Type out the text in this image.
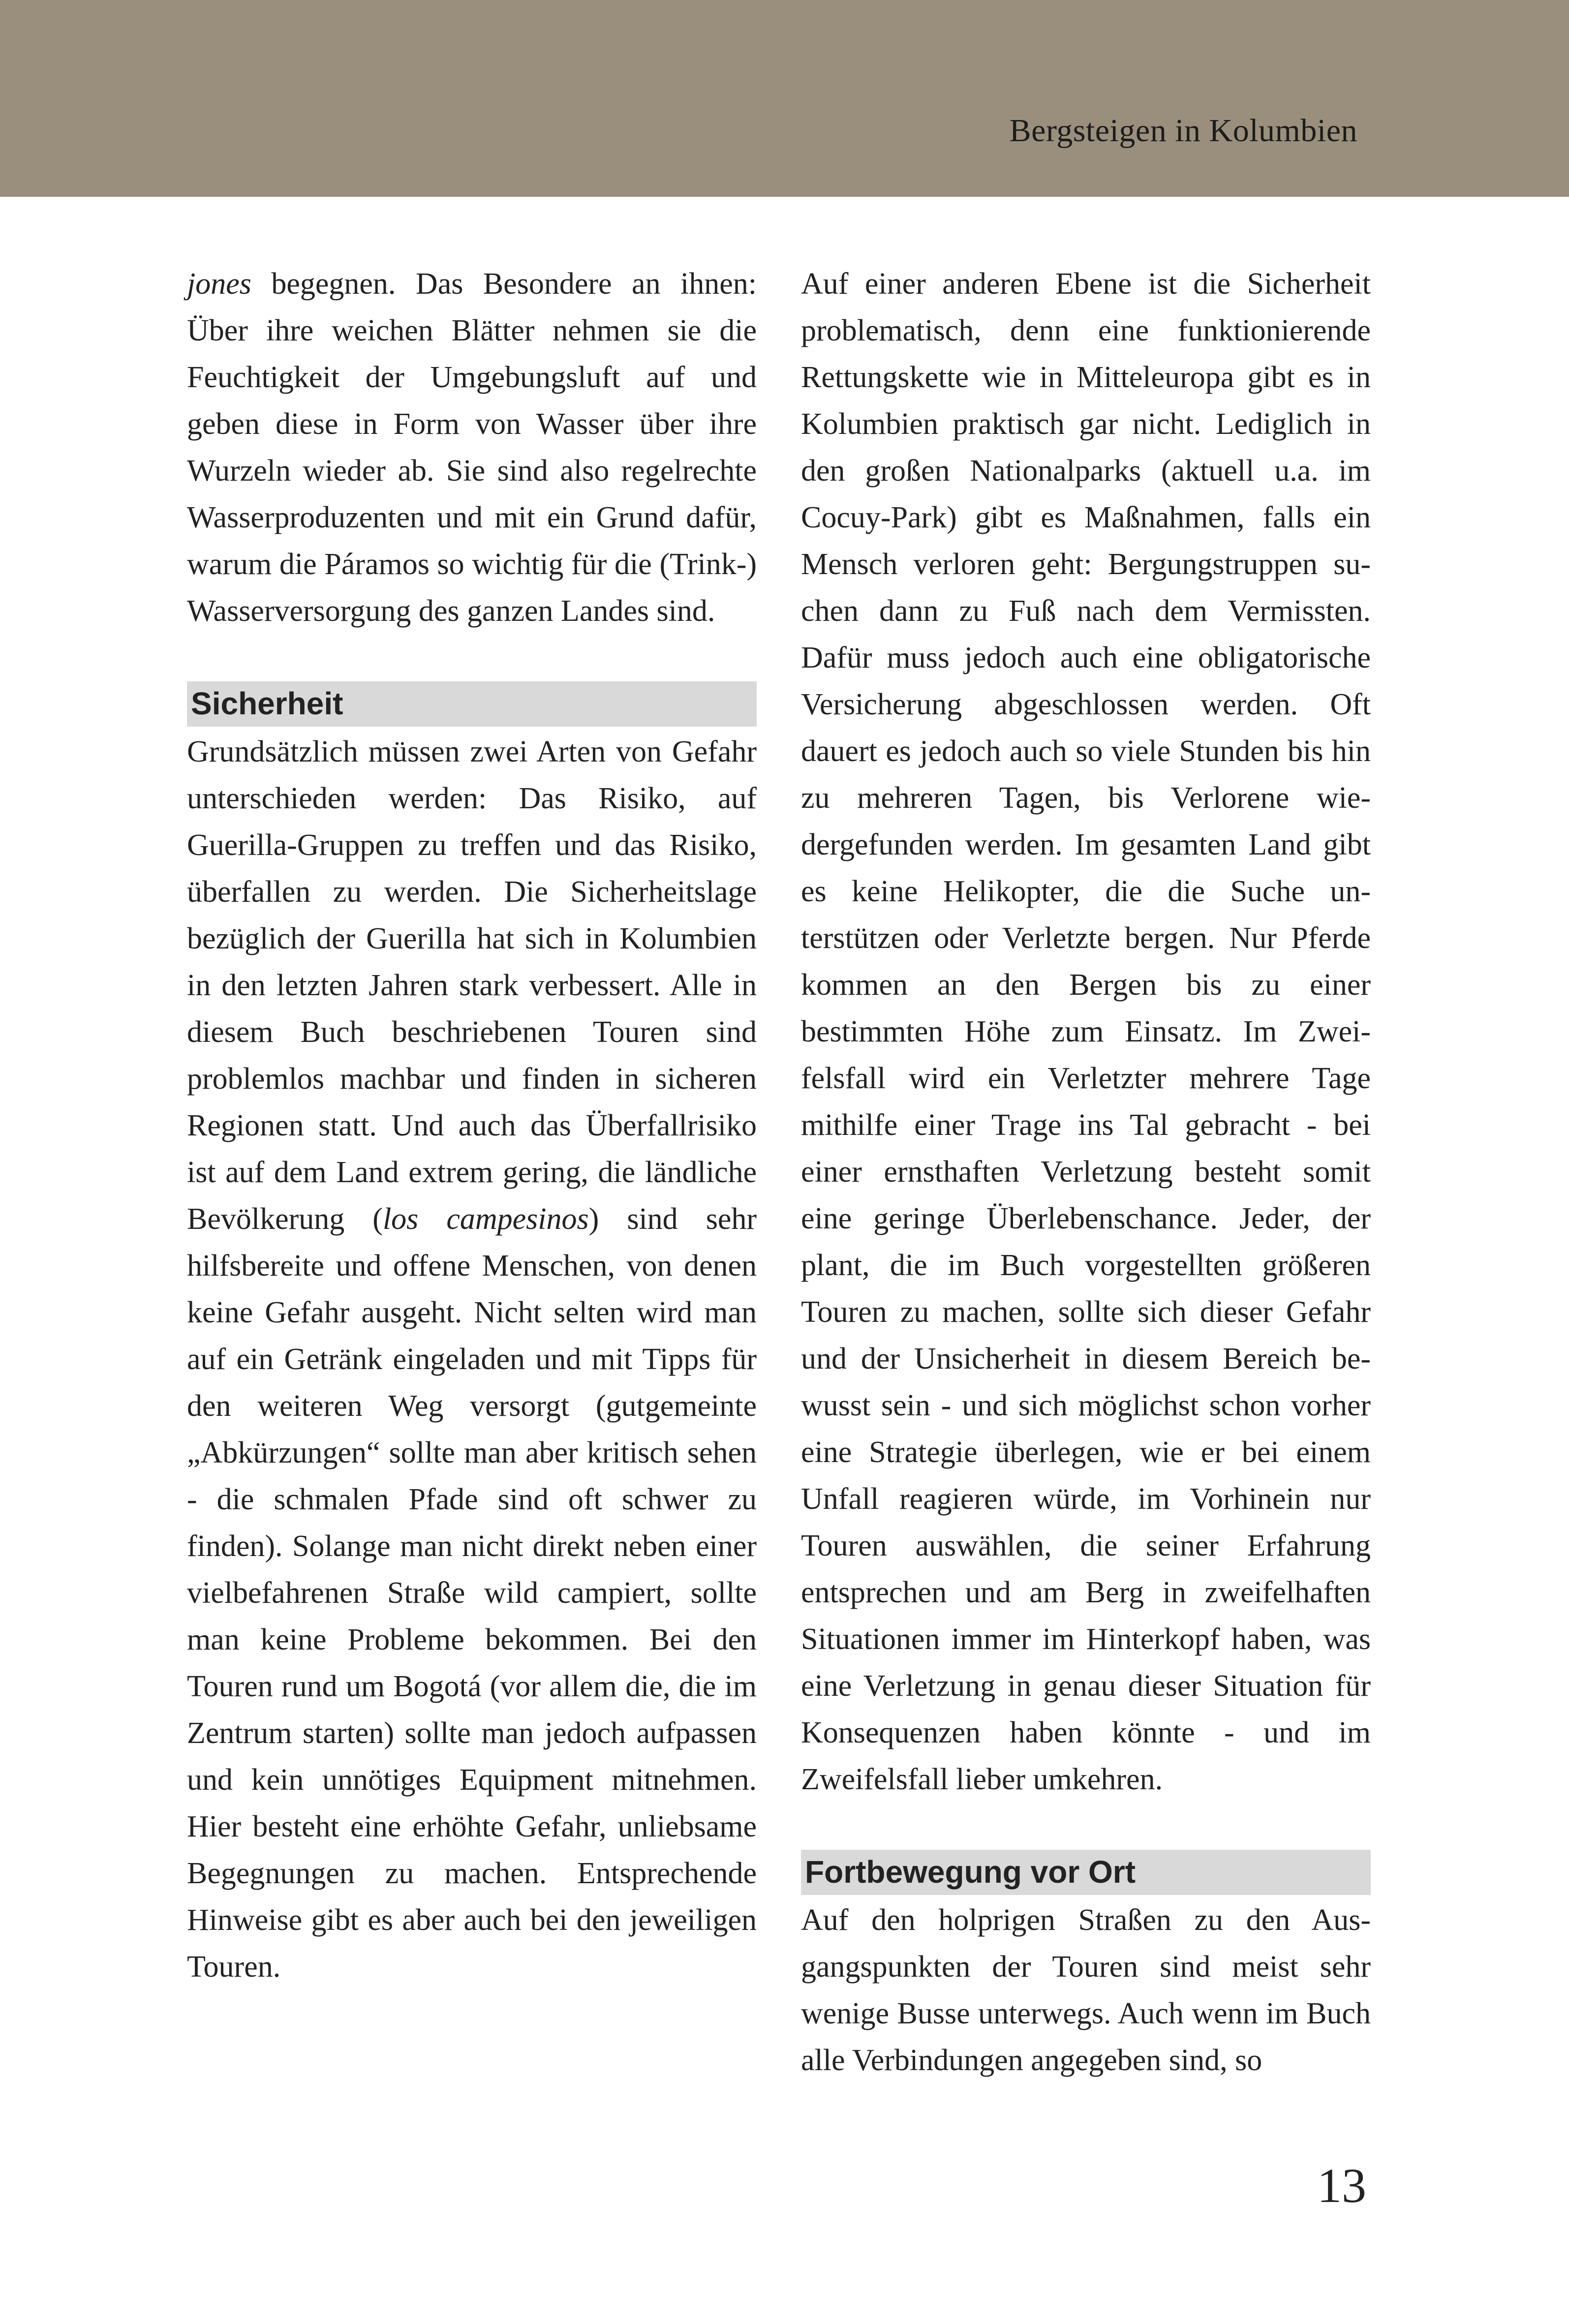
Bergsteigen in Kolumbien

jones begegnen. Das Besondere an ihnen: Über ihre weichen Blätter nehmen sie die Feuchtigkeit der Umgebungsluft auf und geben diese in Form von Wasser über ihre Wurzeln wieder ab. Sie sind also regelrechte Wasserproduzenten und mit ein Grund dafür, warum die Páramos so wichtig für die (Trink-) Wasserversorgung des ganzen Landes sind.

Sicherheit

Grundsätzlich müssen zwei Arten von Gefahr unterschieden werden: Das Risiko, auf Guerilla-Gruppen zu treffen und das Risiko, überfallen zu werden. Die Sicherheitslage bezüglich der Guerilla hat sich in Kolumbien in den letzten Jahren stark verbessert. Alle in diesem Buch beschriebenen Touren sind problemlos machbar und finden in sicheren Regionen statt. Und auch das Überfallrisiko ist auf dem Land extrem gering, die ländliche Bevölkerung (los campesinos) sind sehr hilfsbereite und offene Menschen, von denen keine Gefahr ausgeht. Nicht selten wird man auf ein Getränk eingeladen und mit Tipps für den weiteren Weg versorgt (gutgemeinte „Abkürzungen“ sollte man aber kritisch sehen - die schmalen Pfade sind oft schwer zu finden). Solange man nicht direkt neben einer vielbefahrenen Straße wild campiert, sollte man keine Probleme bekommen. Bei den Touren rund um Bogotá (vor allem die, die im Zentrum starten) sollte man jedoch aufpassen und kein unnötiges Equipment mitnehmen. Hier besteht eine erhöhte Gefahr, unliebsame Begegnungen zu machen. Entsprechende Hinweise gibt es aber auch bei den jeweiligen Touren.

Auf einer anderen Ebene ist die Sicherheit problematisch, denn eine funktionierende Rettungskette wie in Mitteleuropa gibt es in Kolumbien praktisch gar nicht. Lediglich in den großen Nationalparks (aktuell u.a. im Cocuy-Park) gibt es Maßnahmen, falls ein Mensch verloren geht: Bergungstruppen suchen dann zu Fuß nach dem Vermissten. Dafür muss jedoch auch eine obligatorische Versicherung abgeschlossen werden. Oft dauert es jedoch auch so viele Stunden bis hin zu mehreren Tagen, bis Verlorene wiedergefunden werden. Im gesamten Land gibt es keine Helikopter, die die Suche unterstützen oder Verletzte bergen. Nur Pferde kommen an den Bergen bis zu einer bestimmten Höhe zum Einsatz. Im Zweifelsfall wird ein Verletzter mehrere Tage mithilfe einer Trage ins Tal gebracht - bei einer ernsthaften Verletzung besteht somit eine geringe Überlebenschance. Jeder, der plant, die im Buch vorgestellten größeren Touren zu machen, sollte sich dieser Gefahr und der Unsicherheit in diesem Bereich bewusst sein - und sich möglichst schon vorher eine Strategie überlegen, wie er bei einem Unfall reagieren würde, im Vorhinein nur Touren auswählen, die seiner Erfahrung entsprechen und am Berg in zweifelhaften Situationen immer im Hinterkopf haben, was eine Verletzung in genau dieser Situation für Konsequenzen haben könnte - und im Zweifelsfall lieber umkehren.

Fortbewegung vor Ort

Auf den holprigen Straßen zu den Ausgangspunkten der Touren sind meist sehr wenige Busse unterwegs. Auch wenn im Buch alle Verbindungen angegeben sind, so

13
